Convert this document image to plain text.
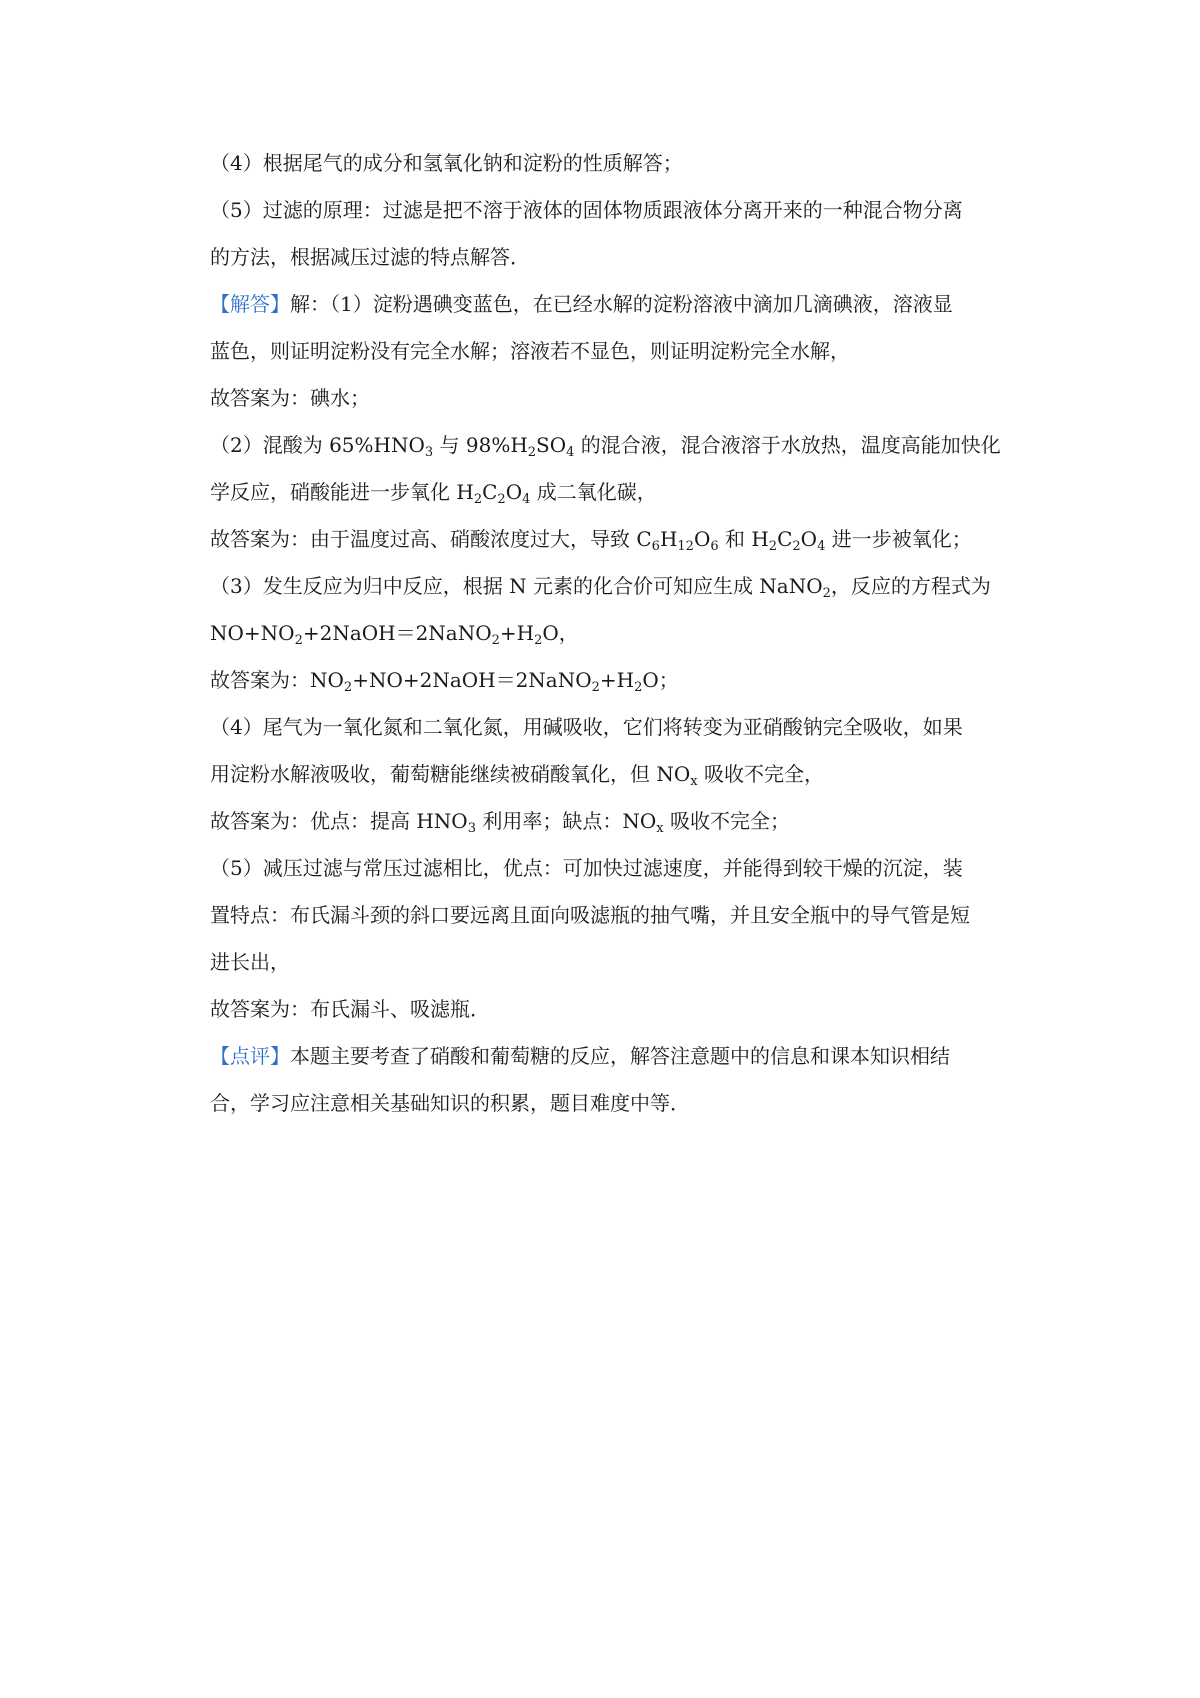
（4）根据尾气的成分和氢氧化钠和淀粉的性质解答；
（5）过滤的原理：过滤是把不溶于液体的固体物质跟液体分离开来的一种混合物分离
的方法，根据减压过滤的特点解答．
【解答】解：（1）淀粉遇碘变蓝色，在已经水解的淀粉溶液中滴加几滴碘液，溶液显
蓝色，则证明淀粉没有完全水解；溶液若不显色，则证明淀粉完全水解，
故答案为：碘水；
（2）混酸为 $65\%HNO_3$ 与 $98\%H_2SO_4$ 的混合液，混合液溶于水放热，温度高能加快化
学反应，硝酸能进一步氧化 $H_2C_2O_4$ 成二氧化碳，
故答案为：由于温度过高、硝酸浓度过大，导致 $C_6H_{12}O_6$ 和 $H_2C_2O_4$ 进一步被氧化；
（3）发生反应为归中反应，根据 N 元素的化合价可知应生成 NaNO$_2$，反应的方程式为
$NO+NO_2+2NaOH=2NaNO_2+H_2O$，
故答案为：$NO_2+NO+2NaOH=2NaNO_2+H_2O$；
（4）尾气为一氧化氮和二氧化氮，用碱吸收，它们将转变为亚硝酸钠完全吸收，如果
用淀粉水解液吸收，葡萄糖能继续被硝酸氧化，但 $NO_x$ 吸收不完全，
故答案为：优点：提高 $HNO_3$ 利用率；缺点：$NO_x$ 吸收不完全；
（5）减压过滤与常压过滤相比，优点：可加快过滤速度，并能得到较干燥的沉淀，装
置特点：布氏漏斗颈的斜口要远离且面向吸滤瓶的抽气嘴，并且安全瓶中的导气管是短
进长出，
故答案为：布氏漏斗、吸滤瓶．
【点评】本题主要考查了硝酸和葡萄糖的反应，解答注意题中的信息和课本知识相结
合，学习应注意相关基础知识的积累，题目难度中等．
